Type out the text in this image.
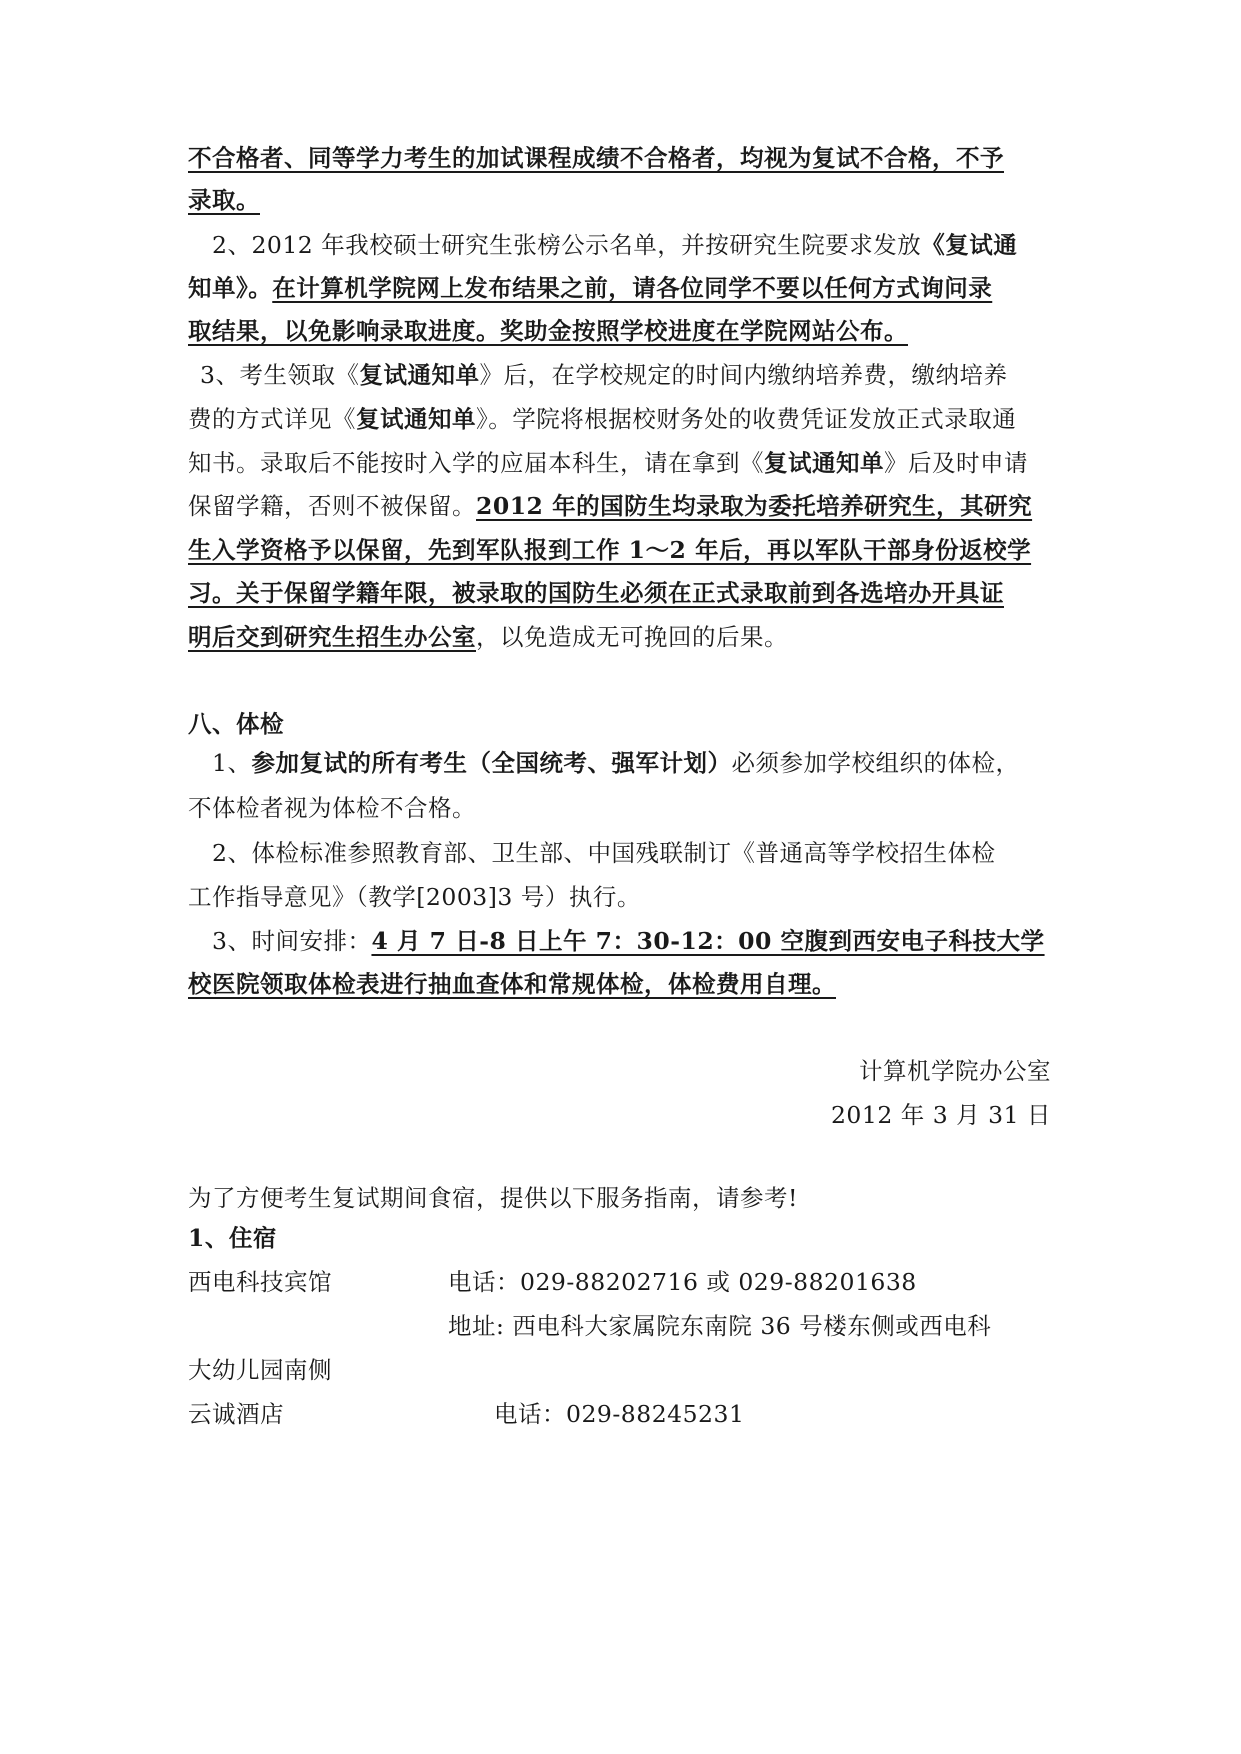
不合格者、同等学力考生的加试课程成绩不合格者，均视为复试不合格，不予
录取。
2、2012 年我校硕士研究生张榜公示名单，并按研究生院要求发放《复试通
知单》。在计算机学院网上发布结果之前，请各位同学不要以任何方式询问录
取结果，以免影响录取进度。奖助金按照学校进度在学院网站公布。
3、考生领取《复试通知单》后，在学校规定的时间内缴纳培养费，缴纳培养
费的方式详见《复试通知单》。学院将根据校财务处的收费凭证发放正式录取通
知书。录取后不能按时入学的应届本科生，请在拿到《复试通知单》后及时申请
保留学籍，否则不被保留。2012 年的国防生均录取为委托培养研究生，其研究
生入学资格予以保留，先到军队报到工作 1～2 年后，再以军队干部身份返校学
习。关于保留学籍年限，被录取的国防生必须在正式录取前到各选培办开具证
明后交到研究生招生办公室，以免造成无可挽回的后果。
八、体检
1、参加复试的所有考生（全国统考、强军计划）必须参加学校组织的体检，
不体检者视为体检不合格。
2、体检标准参照教育部、卫生部、中国残联制订《普通高等学校招生体检
工作指导意见》（教学[2003]3 号）执行。
3、时间安排：4 月 7 日-8 日上午 7：30-12：00 空腹到西安电子科技大学
校医院领取体检表进行抽血查体和常规体检，体检费用自理。
计算机学院办公室
2012 年 3 月 31 日
为了方便考生复试期间食宿，提供以下服务指南，请参考!
1、住宿
西电科技宾馆	电话：029-88202716 或 029-88201638
地址: 西电科大家属院东南院 36 号楼东侧或西电科
大幼儿园南侧
云诚酒店	电话：029-88245231
